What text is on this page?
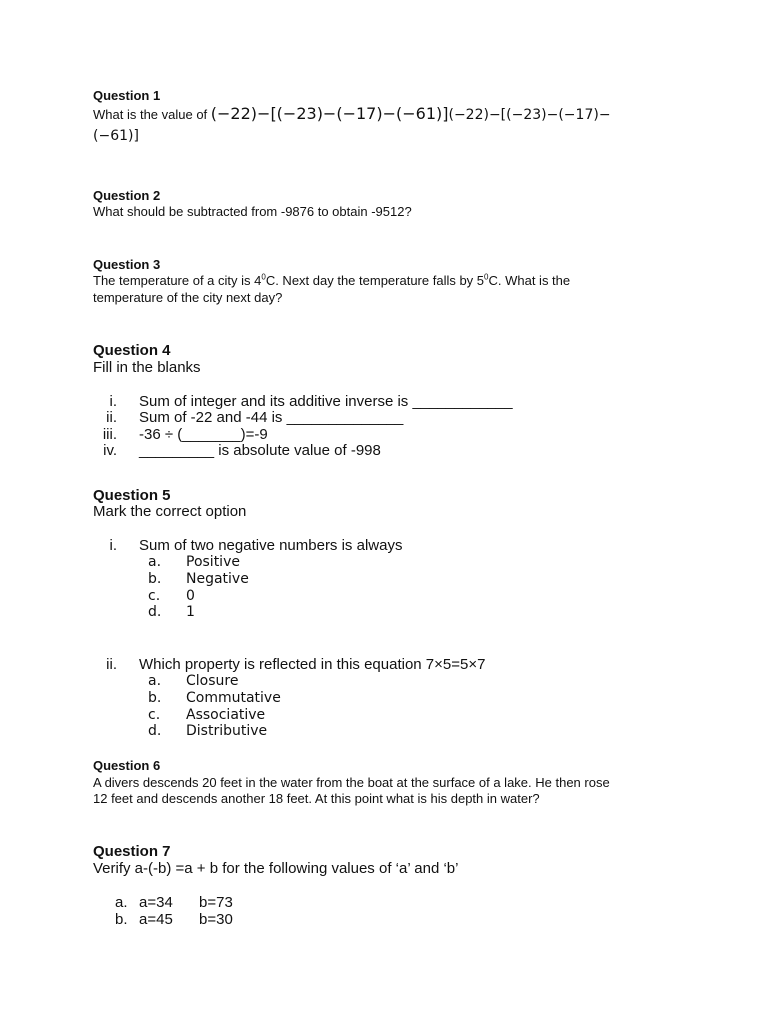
Question 1
What is the value of (−22)−[(−23)−(−17)−(−61)](−22)−[(−23)−(−17)−
(−61)]
Question 2
What should be subtracted from -9876 to obtain -9512?
Question 3
The temperature of a city is $4^0C$. Next day the temperature falls by $5^0C$. What is the
temperature of the city next day?
Question 4
Fill in the blanks
i. Sum of integer and its additive inverse is ____________
ii. Sum of -22 and -44 is ______________
iii. -36 ÷ (_______)=-9
iv. _________ is absolute value of -998
Question 5
Mark the correct option
i. Sum of two negative numbers is always
a. Positive
b. Negative
c. 0
d. 1
ii. Which property is reflected in this equation 7×5=5×7
a. Closure
b. Commutative
c. Associative
d. Distributive
Question 6
A divers descends 20 feet in the water from the boat at the surface of a lake. He then rose
12 feet and descends another 18 feet. At this point what is his depth in water?
Question 7
Verify a-(-b) =a + b for the following values of ‘a’ and ‘b’
a. a=34 b=73
b. a=45 b=30
